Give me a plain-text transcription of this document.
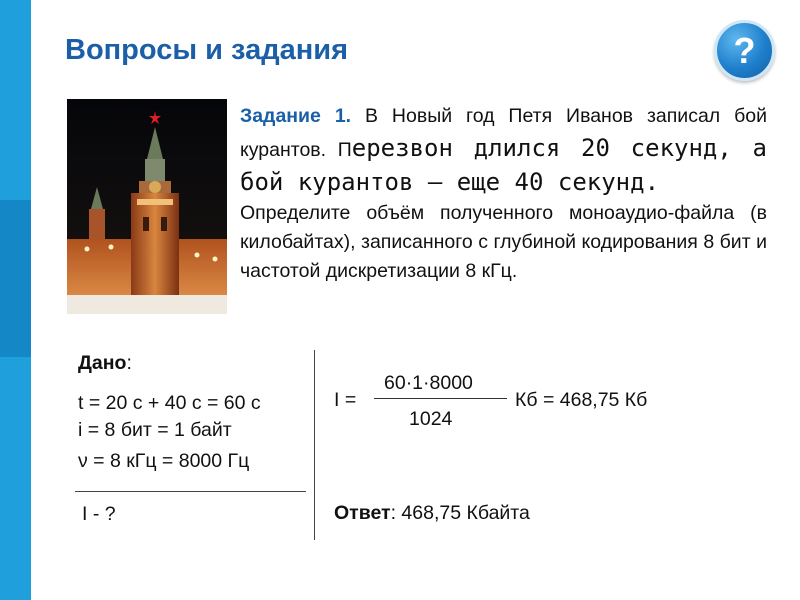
Вопросы и задания	?

Задание 1. В Новый год Петя Иванов записал бой курантов. Перезвон длился 20 секунд, а бой курантов – еще 40 секунд.

Определите объём полученного моноаудио-файла (в килобайтах), записанного с глубиной кодирования 8 бит и частотой дискретизации 8 кГц.

Дано:
t = 20 с + 40 с = 60 с
i = 8 бит = 1 байт
ν = 8 кГц = 8000 Гц
I - ?
I =
60·1·8000
1024
Кб = 468,75 Кб
Ответ: 468,75 Кбайта
